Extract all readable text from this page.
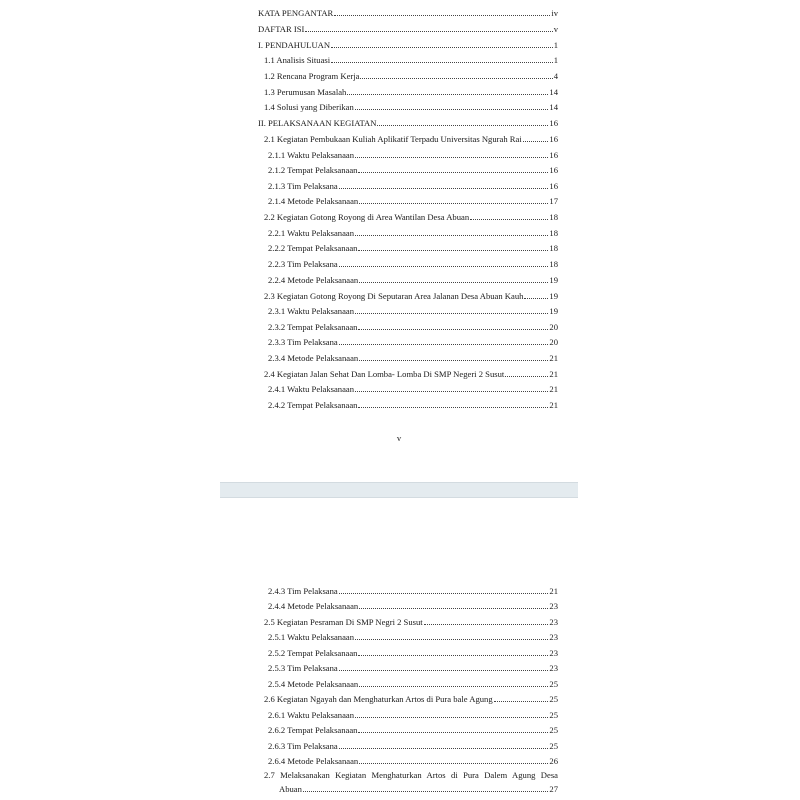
KATA PENGANTAR	iv
DAFTAR ISI	v
I. PENDAHULUAN	1
1.1 Analisis Situasi	1
1.2 Rencana Program Kerja	4
1.3 Perumusan Masalah	14
1.4 Solusi yang Diberikan	14
II. PELAKSANAAN KEGIATAN	16
2.1 Kegiatan Pembukaan Kuliah Aplikatif Terpadu Universitas Ngurah Rai	16
2.1.1 Waktu Pelaksanaan	16
2.1.2 Tempat Pelaksanaan	16
2.1.3 Tim Pelaksana	16
2.1.4 Metode Pelaksanaan	17
2.2 Kegiatan Gotong Royong di Area Wantilan Desa Abuan	18
2.2.1 Waktu Pelaksanaan	18
2.2.2 Tempat Pelaksanaan	18
2.2.3 Tim Pelaksana	18
2.2.4 Metode Pelaksanaan	19
2.3 Kegiatan Gotong Royong Di Seputaran Area Jalanan Desa Abuan Kauh	19
2.3.1 Waktu Pelaksanaan	19
2.3.2 Tempat Pelaksanaan	20
2.3.3 Tim Pelaksana	20
2.3.4 Metode Pelaksanaan	21
2.4 Kegiatan Jalan Sehat Dan Lomba- Lomba Di SMP Negeri 2 Susut	21
2.4.1 Waktu Pelaksanaan	21
2.4.2 Tempat Pelaksanaan	21
v
2.4.3 Tim Pelaksana	21
2.4.4 Metode Pelaksanaan	23
2.5 Kegiatan Pesraman Di SMP Negri 2 Susut	23
2.5.1 Waktu Pelaksanaan	23
2.5.2 Tempat Pelaksanaan	23
2.5.3 Tim Pelaksana	23
2.5.4 Metode Pelaksanaan	25
2.6 Kegiatan Ngayah dan Menghaturkan Artos di Pura bale Agung	25
2.6.1 Waktu Pelaksanaan	25
2.6.2 Tempat Pelaksanaan	25
2.6.3 Tim Pelaksana	25
2.6.4 Metode Pelaksanaan	26
2.7 Melaksanakan Kegiatan Menghaturkan Artos di Pura Dalem Agung Desa
Abuan	27
